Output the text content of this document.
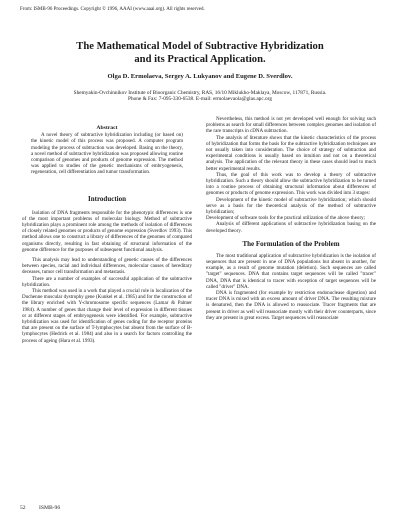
From: ISMB-96 Proceedings. Copyright © 1996, AAAI (www.aaai.org). All rights reserved.
The Mathematical Model of Subtractive Hybridization
and its Practical Application.
Olga D. Ermolaeva, Sergey A. Lukyanov and Eugene D. Sverdlov.
Shemyakin-Ovchinnikov Institute of Bioorganic Chemistry, RAS, 16/10 Miklukho-Maklaya, Moscow, 117871, Russia.
Phone & Fax: 7-095-330-6538. E-mail: ermolaevaola@glas.apc.org
Abstract

A novel theory of subtractive hybridization including (or based on) the kinetic model of this process was proposed. A computer program modeling the process of subtraction was developed. Basing on the theory, a novel method of subtractive hybridization was proposed allowing routine comparison of genomes and products of genome expression. The method was applied to studies of the genetic mechanisms of embryogenesis, regeneration, cell differentiation and tumor transformation.

Introduction

Isolation of DNA fragments responsible for the phenotypic differences is one of the most important problems of molecular biology. Method of subtractive hybridization plays a prominent role among the methods of isolation of differences of closely related genomes or products of genome expression (Sverdlov 1993). This method allows one to construct a library of differences of the genomes of compared organisms directly, resulting in fast obtaining of structural information of the genome difference for the purposes of subsequent functional analysis.

This analysis may lead to understanding of genetic causes of the differences between species, racial and individual differences, molecular causes of hereditary deceases, tumor cell transformation and metastasis.

There are a number of examples of successful application of the subtractive hybridization.

This method was used in a work that played a crucial role in localization of the Duchenne muscular dystrophy gene (Kunkel et al. 1985) and for the construction of the library enriched with Y-chromosome specific sequences (Lamar & Palmer 1984). A number of genes that change their level of expression in different tissues or at different stages of embryogenesis were identified. For example, subtractive hybridization was used for identification of genes coding for the receptor proteins that are present on the surface of T-lymphocytes but absent from the surface of B-lymphocytes (Hedrick et al. 1984) and also in a search for factors controlling the process of ageing (Hara et al. 1993).

Nevertheless, this method is not yet developed well enough for solving such problems as search for small differences between complex genomes and isolation of the rare transcripts in cDNA subtraction.

The analysis of literature shows that the kinetic characteristics of the process of hybridization that forms the basis for the subtractive hybridization techniques are not usually taken into consideration. The choice of strategy of subtraction and experimental conditions is usually based on intuition and not on a theoretical analysis. The application of the relevant theory in these cases should lead to much better experimental results.

Thus, the goal of this work was to develop a theory of subtractive hybridization. Such a theory should allow the subtractive hybridization to be turned into a routine process of obtaining structural information about differences of genomes or products of genome expression. This work was divided into 3 stages:

Development of the kinetic model of subtractive hybridization; which should serve as a basis for the theoretical analysis of the method of subtractive hybridization;

Development of software tools for the practical utilization of the above theory;

Analysis of different applications of subtractive hybridization basing on the developed theory.

The Formulation of the Problem

The most traditional application of subtractive hybridization is the isolation of sequences that are present in one of DNA populations but absent in another, for example, as a result of genome mutation (deletion). Such sequences are called "target" sequences. DNA that contains target sequences will be called "tracer" DNA, DNA that is identical to tracer with exception of target sequences will be called "driver" DNA.

DNA is fragmented (for example by restriction endonuclease digestion) and tracer DNA is mixed with an excess amount of driver DNA. The resulting mixture is denatured, then the DNA is allowed to reassociate. Tracer fragments that are present in driver as well will reassociate mostly with their driver counterparts, since they are present in great excess. Target sequences will reassociate

52 ISMB-96
